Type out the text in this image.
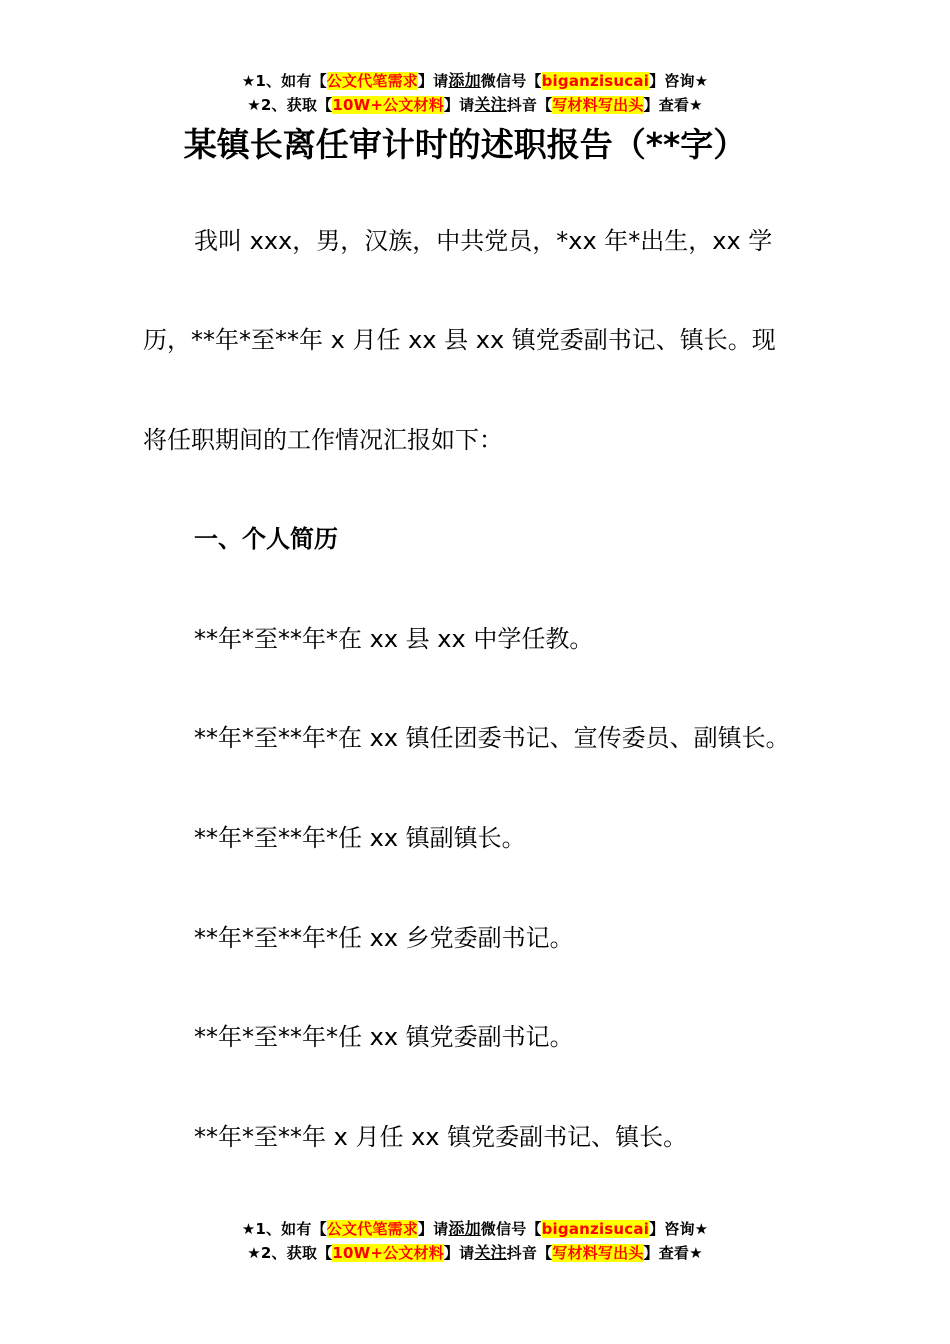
★1、如有【公文代笔需求】请添加微信号【biganzisucai】咨询★
★2、获取【10W+公文材料】请关注抖音【写材料写出头】查看★
某镇长离任审计时的述职报告（**字）
我叫 xxx，男，汉族，中共党员，*xx 年*出生，xx 学
历，**年*至**年 x 月任 xx 县 xx 镇党委副书记、镇长。现
将任职期间的工作情况汇报如下：
一、个人简历
**年*至**年*在 xx 县 xx 中学任教。
**年*至**年*在 xx 镇任团委书记、宣传委员、副镇长。
**年*至**年*任 xx 镇副镇长。
**年*至**年*任 xx 乡党委副书记。
**年*至**年*任 xx 镇党委副书记。
**年*至**年 x 月任 xx 镇党委副书记、镇长。
★1、如有【公文代笔需求】请添加微信号【biganzisucai】咨询★
★2、获取【10W+公文材料】请关注抖音【写材料写出头】查看★
